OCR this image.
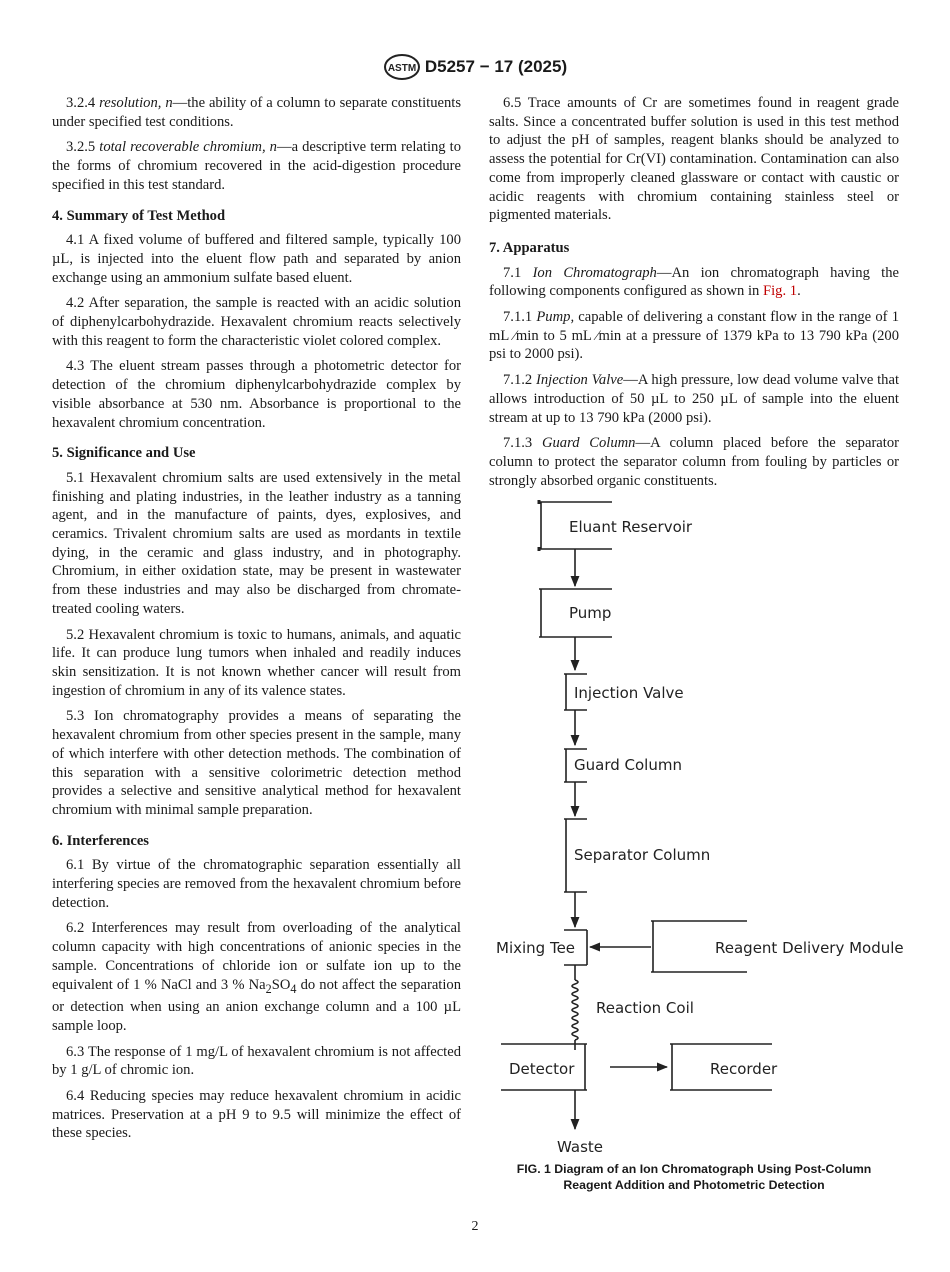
ASTM D5257 − 17 (2025)

3.2.4 resolution, n—the ability of a column to separate constituents under specified test conditions.

3.2.5 total recoverable chromium, n—a descriptive term relating to the forms of chromium recovered in the acid-digestion procedure specified in this test standard.

4. Summary of Test Method

4.1 A fixed volume of buffered and filtered sample, typically 100 µL, is injected into the eluent flow path and separated by anion exchange using an ammonium sulfate based eluent.

4.2 After separation, the sample is reacted with an acidic solution of diphenylcarbohydrazide. Hexavalent chromium reacts selectively with this reagent to form the characteristic violet colored complex.

4.3 The eluent stream passes through a photometric detector for detection of the chromium diphenylcarbohydrazide complex by visible absorbance at 530 nm. Absorbance is proportional to the hexavalent chromium concentration.

5. Significance and Use

5.1 Hexavalent chromium salts are used extensively in the metal finishing and plating industries, in the leather industry as a tanning agent, and in the manufacture of paints, dyes, explosives, and ceramics. Trivalent chromium salts are used as mordants in textile dying, in the ceramic and glass industry, and in photography. Chromium, in either oxidation state, may be present in wastewater from these industries and may also be discharged from chromate-treated cooling waters.

5.2 Hexavalent chromium is toxic to humans, animals, and aquatic life. It can produce lung tumors when inhaled and readily induces skin sensitization. It is not known whether cancer will result from ingestion of chromium in any of its valence states.

5.3 Ion chromatography provides a means of separating the hexavalent chromium from other species present in the sample, many of which interfere with other detection methods. The combination of this separation with a sensitive colorimetric detection method provides a selective and sensitive analytical method for hexavalent chromium with minimal sample preparation.

6. Interferences

6.1 By virtue of the chromatographic separation essentially all interfering species are removed from the hexavalent chromium before detection.

6.2 Interferences may result from overloading of the analytical column capacity with high concentrations of anionic species in the sample. Concentrations of chloride ion or sulfate ion up to the equivalent of 1 % NaCl and 3 % $Na_2SO_4$ do not affect the separation or detection when using an anion exchange column and a 100 µL sample loop.

6.3 The response of 1 mg/L of hexavalent chromium is not affected by 1 g/L of chromic ion.

6.4 Reducing species may reduce hexavalent chromium in acidic matrices. Preservation at a pH 9 to 9.5 will minimize the effect of these species.

6.5 Trace amounts of Cr are sometimes found in reagent grade salts. Since a concentrated buffer solution is used in this test method to adjust the pH of samples, reagent blanks should be analyzed to assess the potential for Cr(VI) contamination. Contamination can also come from improperly cleaned glassware or contact with caustic or acidic reagents with chromium containing stainless steel or pigmented materials.

7. Apparatus

7.1 Ion Chromatograph—An ion chromatograph having the following components configured as shown in Fig. 1.

7.1.1 Pump, capable of delivering a constant flow in the range of 1 mL ⁄min to 5 mL ⁄min at a pressure of 1379 kPa to 13 790 kPa (200 psi to 2000 psi).

7.1.2 Injection Valve—A high pressure, low dead volume valve that allows introduction of 50 µL to 250 µL of sample into the eluent stream at up to 13 790 kPa (2000 psi).

7.1.3 Guard Column—A column placed before the separator column to protect the separator column from fouling by particles or strongly absorbed organic constituents.

Eluant Reservoir
Pump
Injection Valve
Guard Column
Separator Column
Mixing Tee	Reagent Delivery Module
Reaction Coil
Detector	Recorder
Waste
FIG. 1 Diagram of an Ion Chromatograph Using Post-Column
Reagent Addition and Photometric Detection
2
